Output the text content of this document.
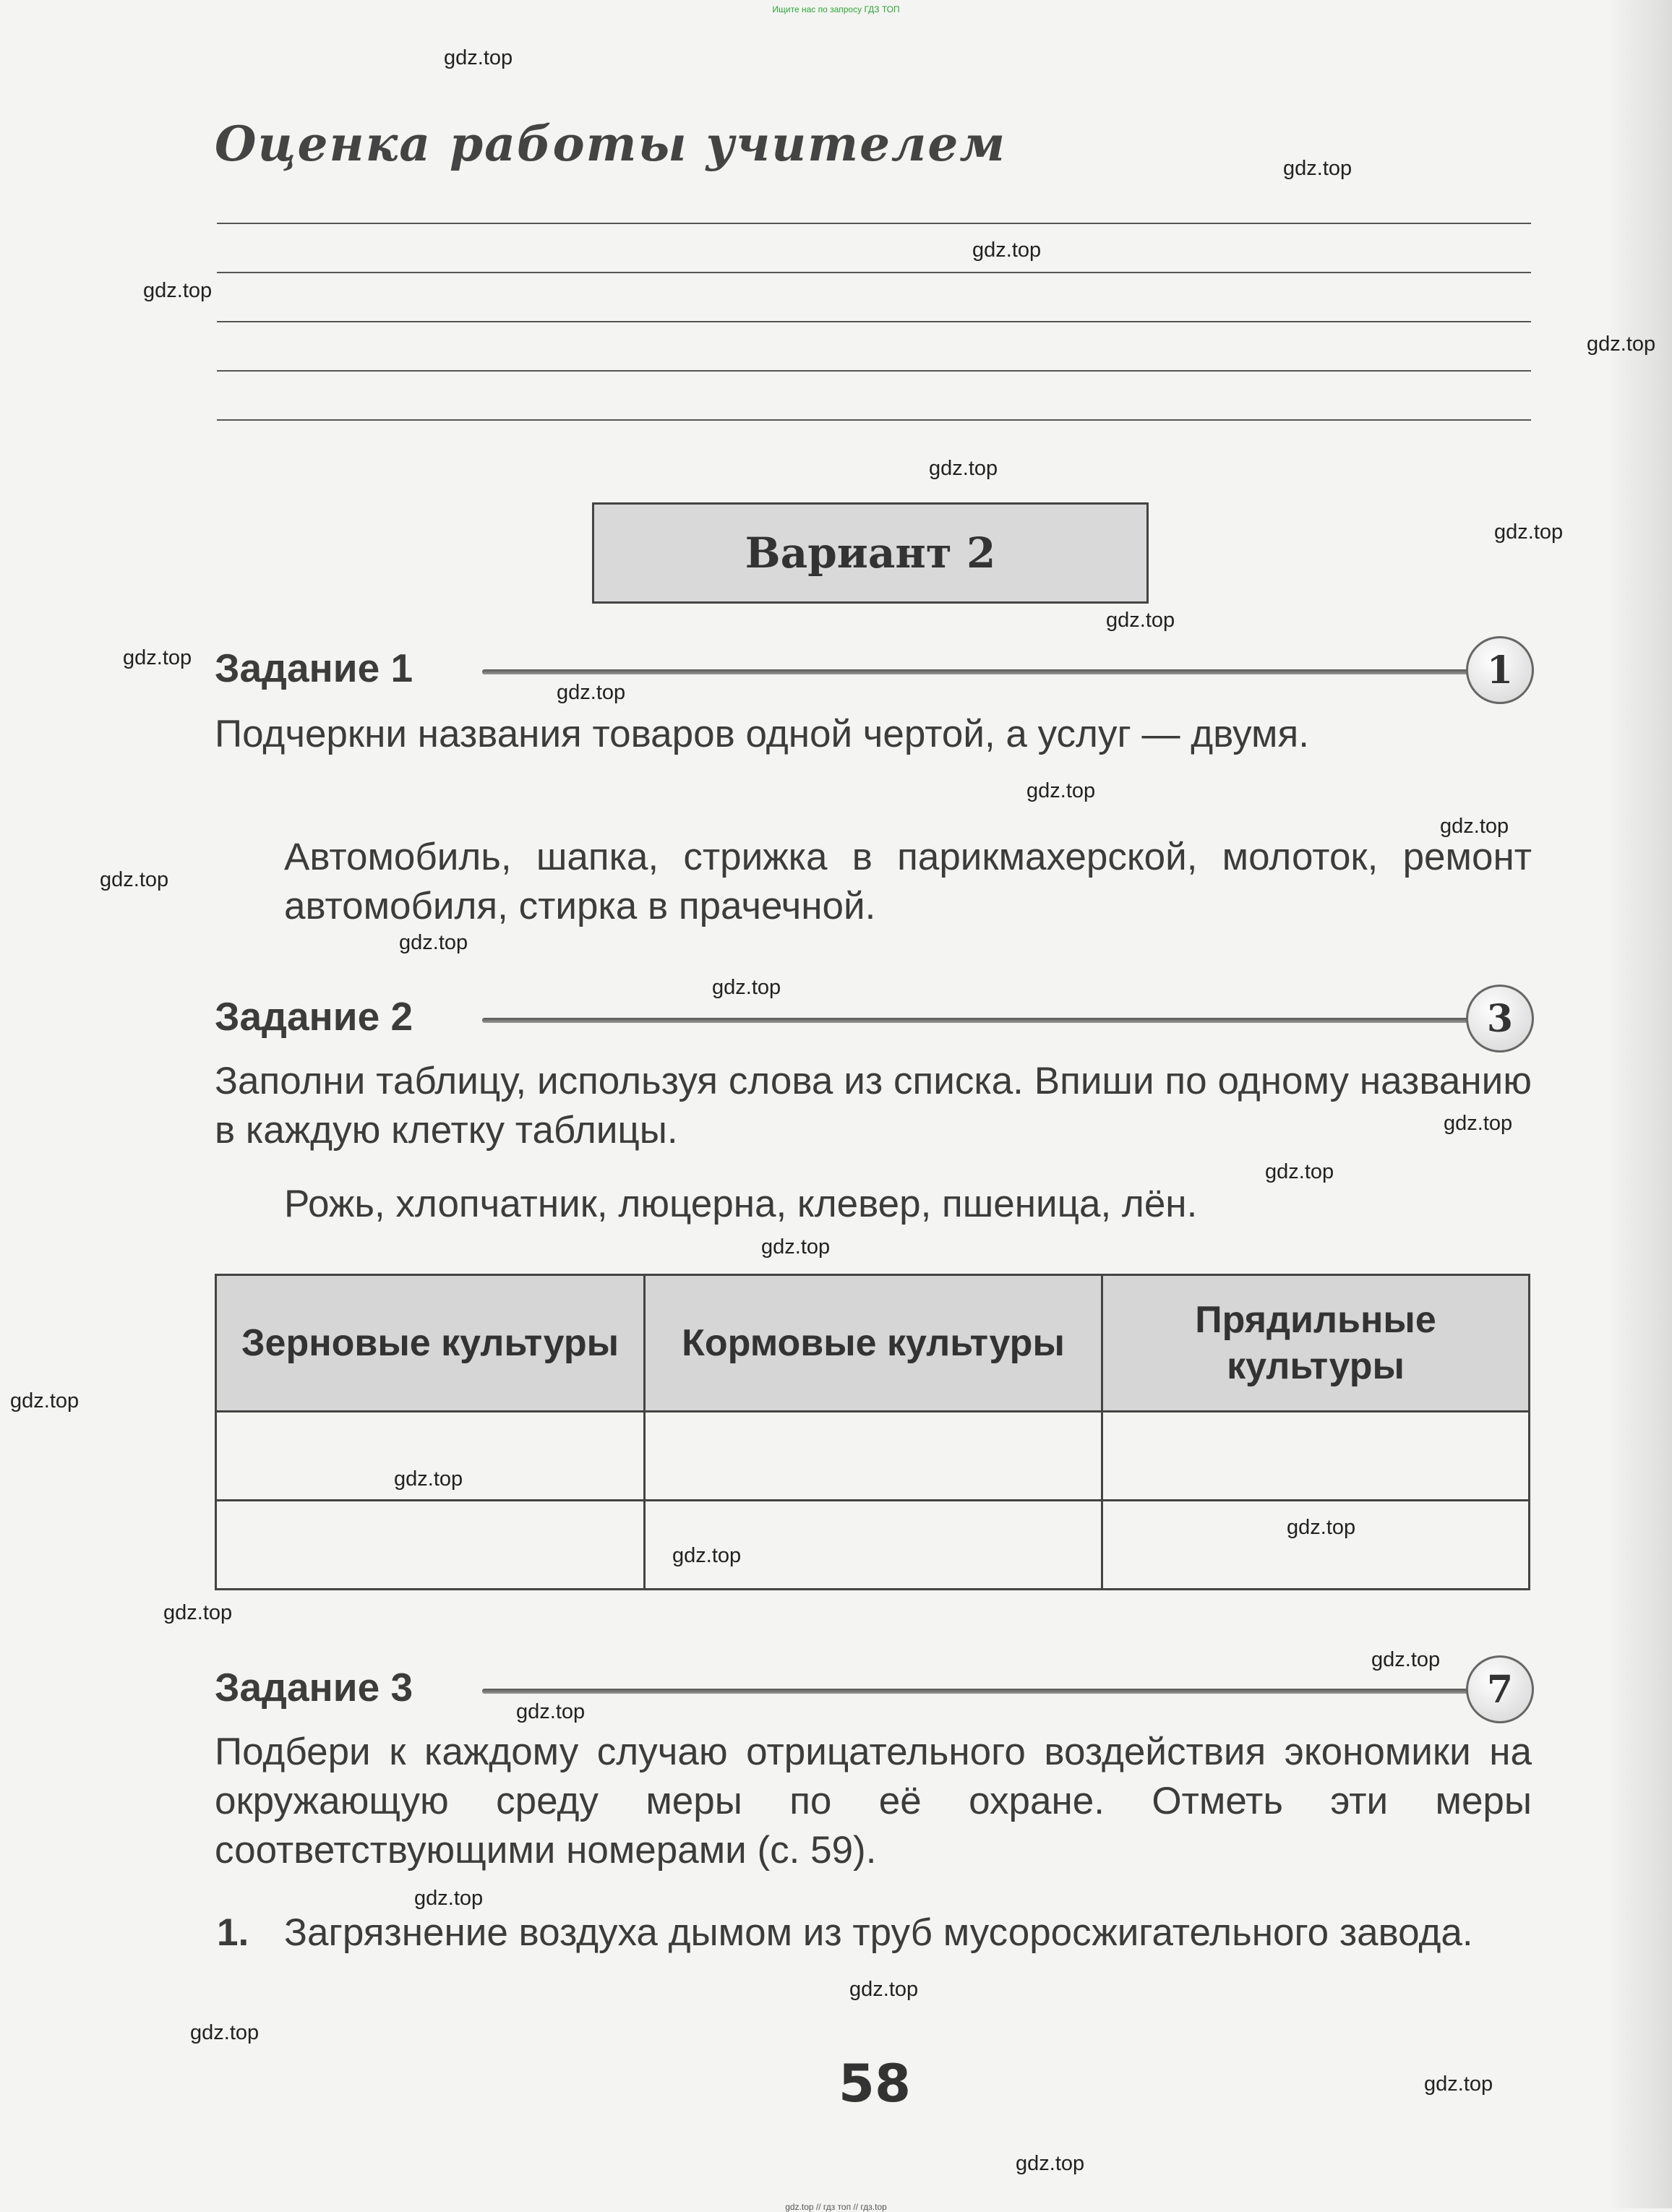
Ищите нас по запросу ГДЗ ТОП
Оценка работы учителем
Вариант 2
Задание 1	1
Подчеркни названия товаров одной чертой, а услуг — двумя.
Автомобиль, шапка, стрижка в парикмахерской, молоток, ремонт автомобиля, стирка в прачечной.
Задание 2	3
Заполни таблицу, используя слова из списка. Впиши по одному названию в каждую клетку таблицы.
Рожь, хлопчатник, люцерна, клевер, пшеница, лён.
Зерновые культуры	Кормовые культуры	Прядильные культуры

Задание 3	7
Подбери к каждому случаю отрицательного воздействия экономики на окружающую среду меры по её охране. Отметь эти меры соответствующими номерами (с. 59).
1. Загрязнение воздуха дымом из труб мусоросжигательного завода.
58
gdz.top
gdz.top
gdz.top
gdz.top
gdz.top
gdz.top
gdz.top
gdz.top
gdz.top
gdz.top
gdz.top
gdz.top
gdz.top
gdz.top
gdz.top
gdz.top
gdz.top
gdz.top
gdz.top
gdz.top
gdz.top
gdz.top
gdz.top
gdz.top
gdz.top
gdz.top
gdz.top
gdz.top
gdz.top
gdz.top
gdz.top // гдз топ // гдз.top
